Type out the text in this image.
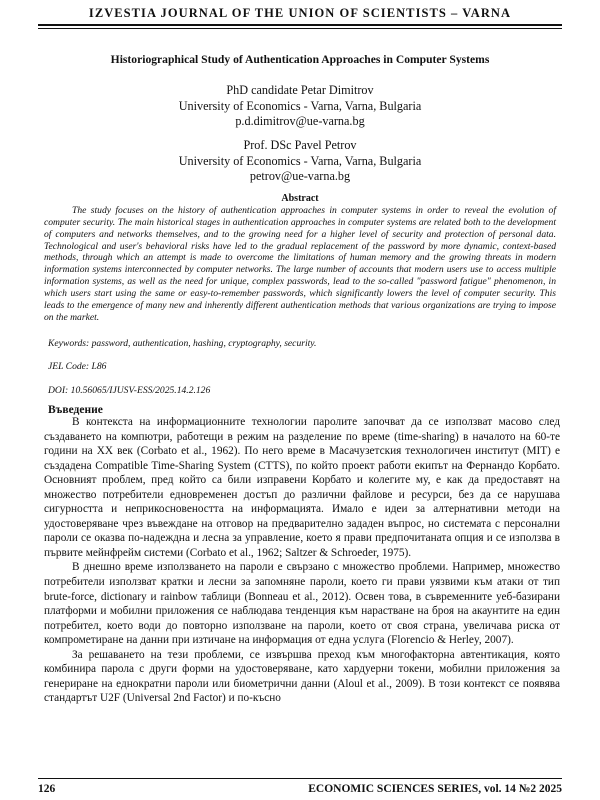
IZVESTIA JOURNAL OF THE UNION OF SCIENTISTS – VARNA
Historiographical Study of Authentication Approaches in Computer Systems
PhD candidate Petar Dimitrov
University of Economics - Varna, Varna, Bulgaria
p.d.dimitrov@ue-varna.bg
Prof. DSc Pavel Petrov
University of Economics - Varna, Varna, Bulgaria
petrov@ue-varna.bg
Abstract
The study focuses on the history of authentication approaches in computer systems in order to reveal the evolution of computer security. The main historical stages in authentication approaches in computer systems are related both to the development of computers and networks themselves, and to the growing need for a higher level of security and protection of personal data. Technological and user's behavioral risks have led to the gradual replacement of the password by more dynamic, context-based methods, through which an attempt is made to overcome the limitations of human memory and the growing threats in modern information systems interconnected by computer networks. The large number of accounts that modern users use to access multiple information systems, as well as the need for unique, complex passwords, lead to the so-called "password fatigue" phenomenon, in which users start using the same or easy-to-remember passwords, which significantly lowers the level of computer security. This leads to the emergence of many new and inherently different authentication methods that various organizations are trying to impose on the market.
Keywords: password, authentication, hashing, cryptography, security.
JEL Code: L86
DOI: 10.56065/IJUSV-ESS/2025.14.2.126
Въведение

В контекста на информационните технологии паролите започват да се използват масово след създаването на компютри, работещи в режим на разделение по време (time-sharing) в началото на 60-те години на XX век (Corbato et al., 1962). По него време в Масачузетския технологичен институт (MIT) е създадена Compatible Time-Sharing System (CTTS), по който проект работи екипът на Фернандо Корбато. Основният проблем, пред който са били изправени Корбато и колегите му, е как да предоставят на множество потребители едновременен достъп до различни файлове и ресурси, без да се нарушава сигурността и неприкосновеността на информацията. Имало е идеи за алтернативни методи на удостоверяване чрез въвеждане на отговор на предварително зададен въпрос, но системата с персонални пароли се оказва по-надеждна и лесна за управление, което я прави предпочитаната опция и се използва в първите мейнфрейм системи (Corbato et al., 1962; Saltzer & Schroeder, 1975).

В днешно време използването на пароли е свързано с множество проблеми. Например, множество потребители използват кратки и лесни за запомняне пароли, което ги прави уязвими към атаки от тип brute-force, dictionary и rainbow таблици (Bonneau et al., 2012). Освен това, в съвременните уеб-базирани платформи и мобилни приложения се наблюдава тенденция към нарастване на броя на акаунтите на един потребител, което води до повторно използване на пароли, което от своя страна, увеличава риска от компрометиране на данни при изтичане на информация от една услуга (Florencio & Herley, 2007).

За решаването на тези проблеми, се извършва преход към многофакторна автентикация, която комбинира парола с други форми на удостоверяване, като хардуерни токени, мобилни приложения за генериране на еднократни пароли или биометрични данни (Aloul et al., 2009). В този контекст се появява стандартът U2F (Universal 2nd Factor) и по-късно

126	ECONOMIC SCIENCES SERIES, vol. 14 №2 2025
